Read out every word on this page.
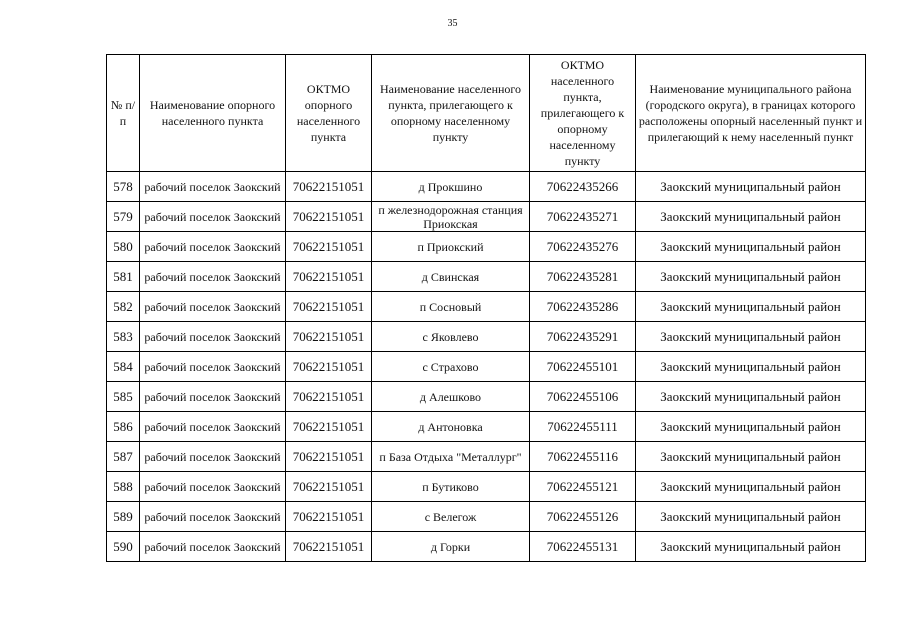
35
№ п/п	Наименование опорного населенного пункта	ОКТМО опорного населенного пункта	Наименование населенного пункта, прилегающего к опорному населенному пункту	ОКТМО населенного пункта, прилегающего к опорному населенному пункту	Наименование муниципального района (городского округа), в границах которого расположены опорный населенный пункт и прилегающий к нему населенный пункт
578	рабочий поселок Заокский	70622151051	д Прокшино	70622435266	Заокский муниципальный район
579	рабочий поселок Заокский	70622151051	п железнодорожная станция Приокская	70622435271	Заокский муниципальный район
580	рабочий поселок Заокский	70622151051	п Приокский	70622435276	Заокский муниципальный район
581	рабочий поселок Заокский	70622151051	д Свинская	70622435281	Заокский муниципальный район
582	рабочий поселок Заокский	70622151051	п Сосновый	70622435286	Заокский муниципальный район
583	рабочий поселок Заокский	70622151051	с Яковлево	70622435291	Заокский муниципальный район
584	рабочий поселок Заокский	70622151051	с Страхово	70622455101	Заокский муниципальный район
585	рабочий поселок Заокский	70622151051	д Алешково	70622455106	Заокский муниципальный район
586	рабочий поселок Заокский	70622151051	д Антоновка	70622455111	Заокский муниципальный район
587	рабочий поселок Заокский	70622151051	п База Отдыха "Металлург"	70622455116	Заокский муниципальный район
588	рабочий поселок Заокский	70622151051	п Бутиково	70622455121	Заокский муниципальный район
589	рабочий поселок Заокский	70622151051	с Велегож	70622455126	Заокский муниципальный район
590	рабочий поселок Заокский	70622151051	д Горки	70622455131	Заокский муниципальный район
